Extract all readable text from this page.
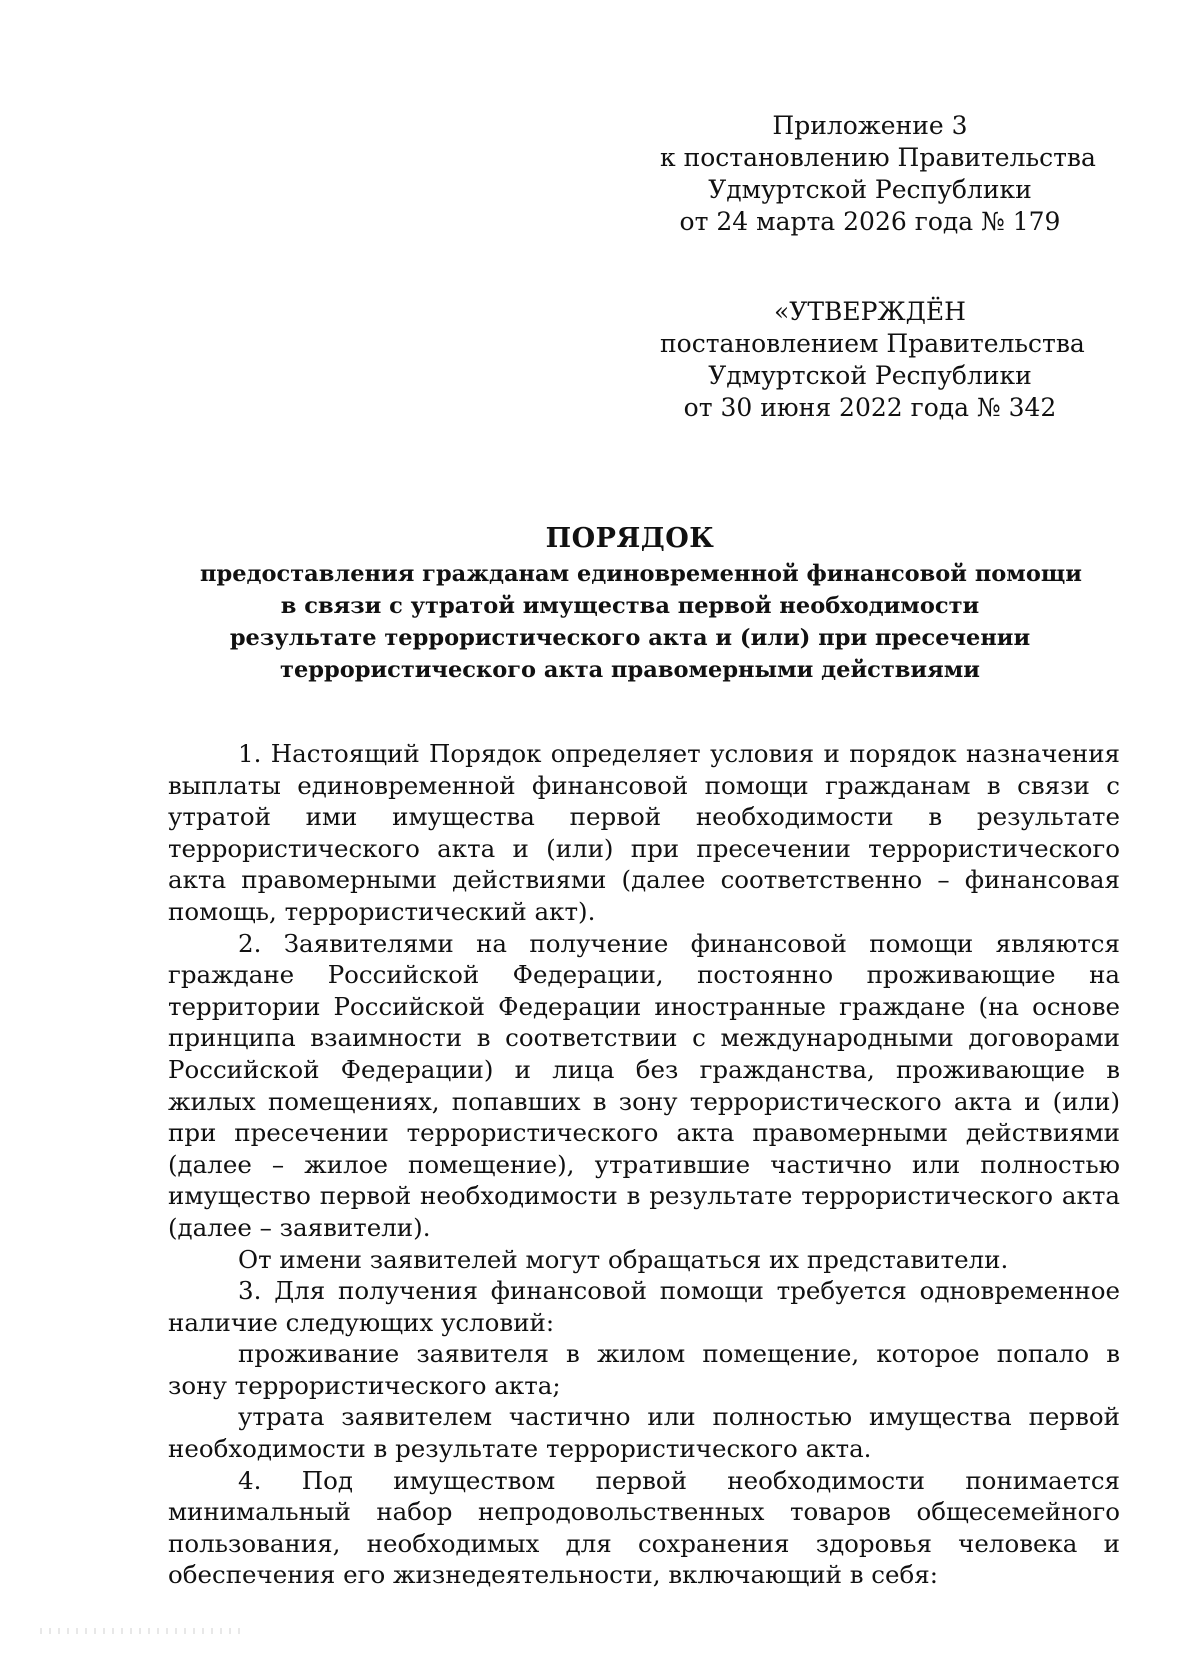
Приложение 3
к постановлению Правительства
Удмуртской Республики
от 24 марта 2026 года № 179
«УТВЕРЖДЁН
постановлением Правительства
Удмуртской Республики
от 30 июня 2022 года № 342
ПОРЯДОК
предоставления гражданам единовременной финансовой помощи
в связи с утратой имущества первой необходимости
результате террористического акта и (или) при пресечении
террористического акта правомерными действиями

1. Настоящий Порядок определяет условия и порядок назначения выплаты единовременной финансовой помощи гражданам в связи с утратой ими имущества первой необходимости в результате террористического акта и (или) при пресечении террористического акта правомерными действиями (далее соответственно – финансовая помощь, террористический акт).

2. Заявителями на получение финансовой помощи являются граждане Российской Федерации, постоянно проживающие на территории Российской Федерации иностранные граждане (на основе принципа взаимности в соответствии с международными договорами Российской Федерации) и лица без гражданства, проживающие в жилых помещениях, попавших в зону террористического акта и (или) при пресечении террористического акта правомерными действиями (далее – жилое помещение), утратившие частично или полностью имущество первой необходимости в результате террористического акта (далее – заявители).

От имени заявителей могут обращаться их представители.

3. Для получения финансовой помощи требуется одновременное наличие следующих условий:

проживание заявителя в жилом помещение, которое попало в зону террористического акта;

утрата заявителем частично или полностью имущества первой необходимости в результате террористического акта.

4. Под имуществом первой необходимости понимается минимальный набор непродовольственных товаров общесемейного пользования, необходимых для сохранения здоровья человека и обеспечения его жизнедеятельности, включающий в себя:
